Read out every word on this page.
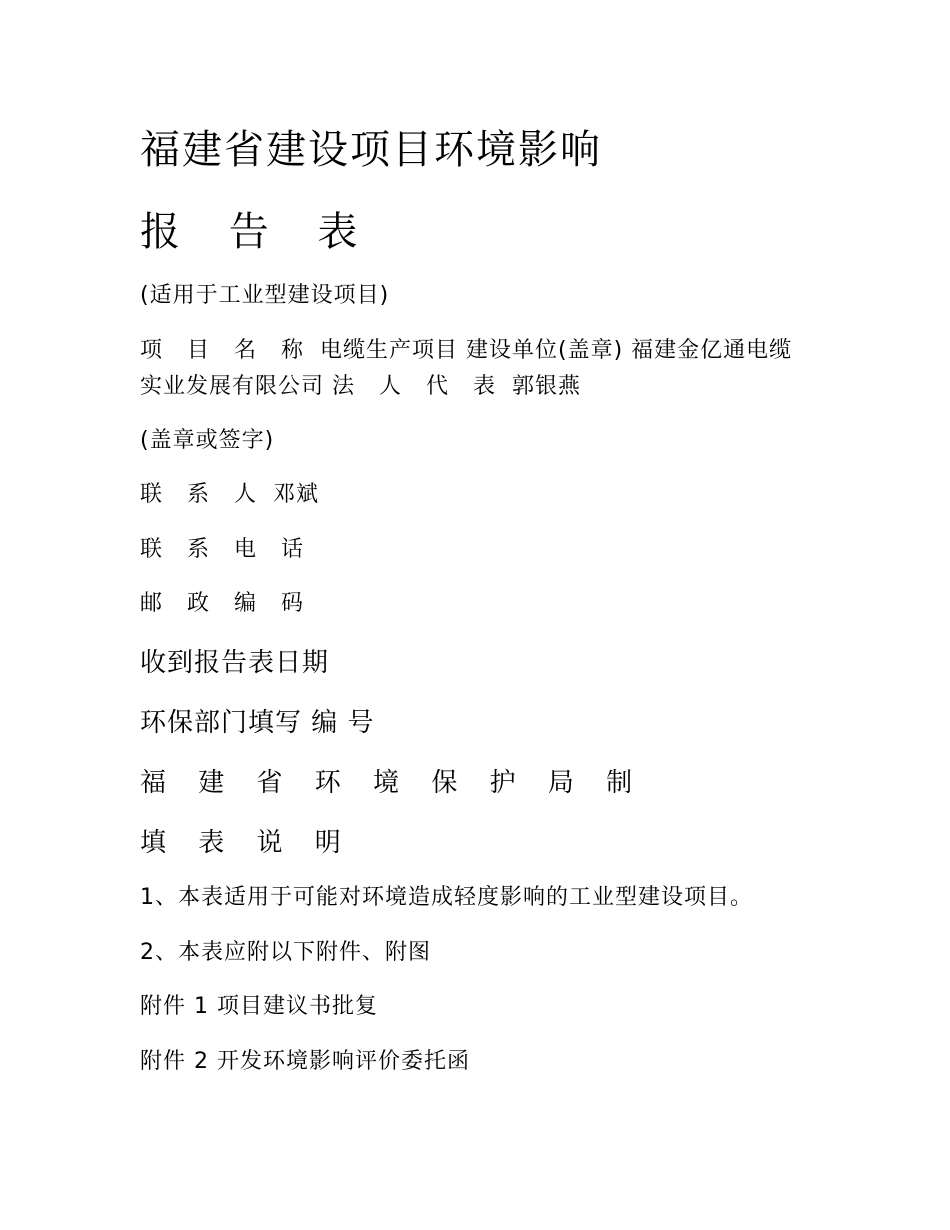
福建省建设项目环境影响
报 告 表
(适用于工业型建设项目)
项 目 名 称 电缆生产项目 建设单位(盖章) 福建金亿通电缆实业发展有限公司 法 人 代 表 郭银燕
(盖章或签字)
联 系 人 邓斌
联 系 电 话
邮 政 编 码
收到报告表日期
环保部门填写 编 号
福 建 省 环 境 保 护 局 制
填 表 说 明
1、本表适用于可能对环境造成轻度影响的工业型建设项目。
2、本表应附以下附件、附图
附件 1 项目建议书批复
附件 2 开发环境影响评价委托函
